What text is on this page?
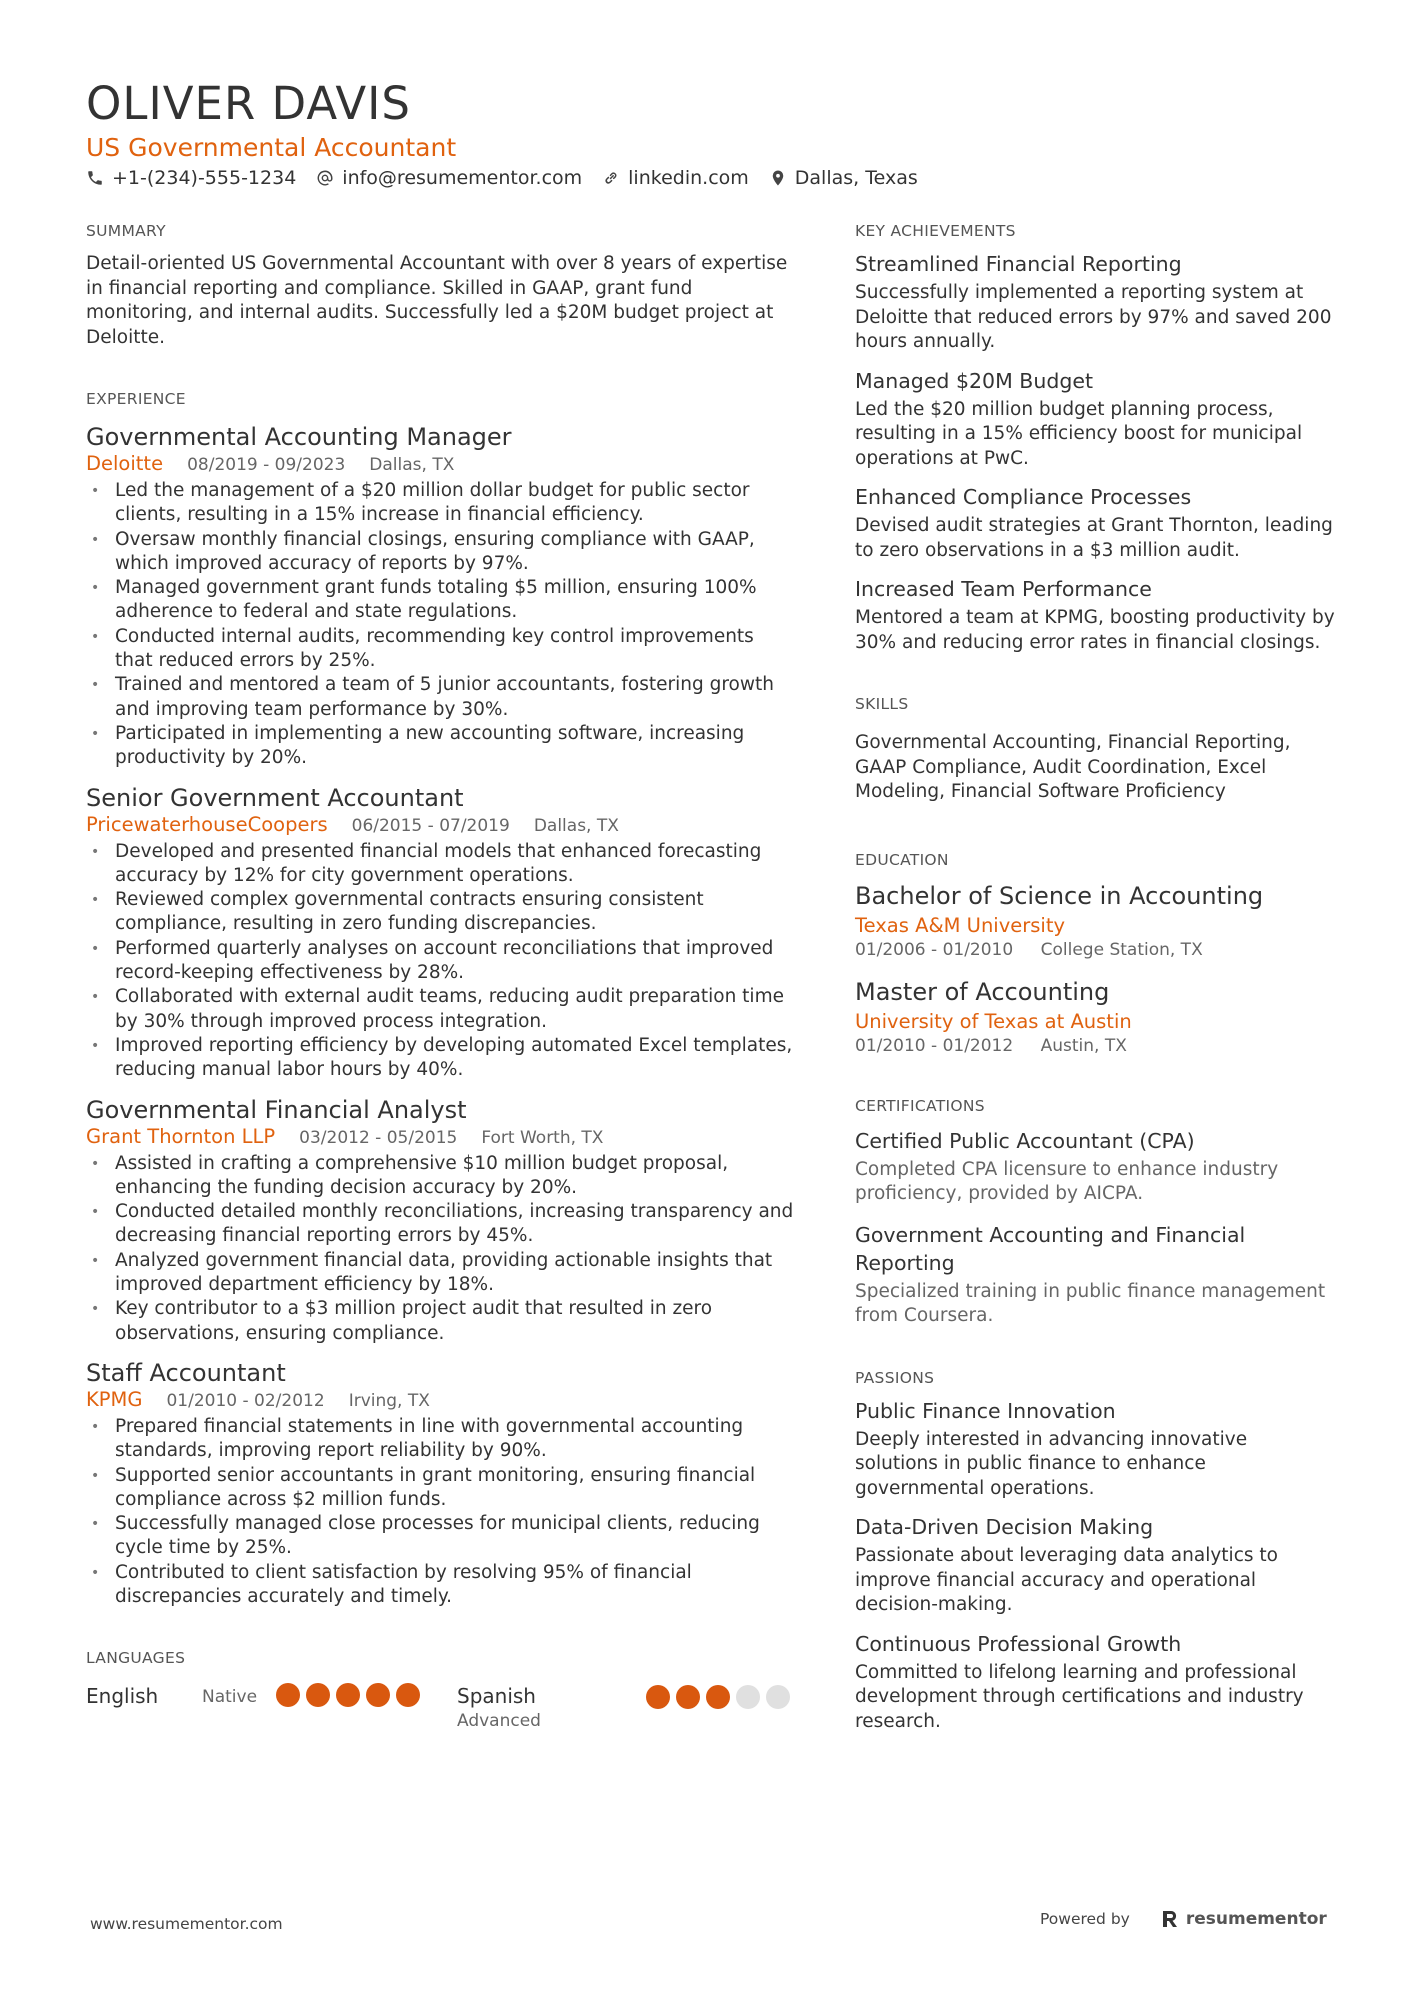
OLIVER DAVIS
US Governmental Accountant
+1-(234)-555-1234 info@resumementor.com linkedin.com Dallas, Texas
SUMMARY
Detail-oriented US Governmental Accountant with over 8 years of expertise in financial reporting and compliance. Skilled in GAAP, grant fund monitoring, and internal audits. Successfully led a $20M budget project at Deloitte.
EXPERIENCE
Governmental Accounting Manager
Deloitte 08/2019 - 09/2023 Dallas, TX
• Led the management of a $20 million dollar budget for public sector clients, resulting in a 15% increase in financial efficiency.
• Oversaw monthly financial closings, ensuring compliance with GAAP, which improved accuracy of reports by 97%.
• Managed government grant funds totaling $5 million, ensuring 100% adherence to federal and state regulations.
• Conducted internal audits, recommending key control improvements that reduced errors by 25%.
• Trained and mentored a team of 5 junior accountants, fostering growth and improving team performance by 30%.
• Participated in implementing a new accounting software, increasing productivity by 20%.
Senior Government Accountant
PricewaterhouseCoopers 06/2015 - 07/2019 Dallas, TX
• Developed and presented financial models that enhanced forecasting accuracy by 12% for city government operations.
• Reviewed complex governmental contracts ensuring consistent compliance, resulting in zero funding discrepancies.
• Performed quarterly analyses on account reconciliations that improved record-keeping effectiveness by 28%.
• Collaborated with external audit teams, reducing audit preparation time by 30% through improved process integration.
• Improved reporting efficiency by developing automated Excel templates, reducing manual labor hours by 40%.
Governmental Financial Analyst
Grant Thornton LLP 03/2012 - 05/2015 Fort Worth, TX
• Assisted in crafting a comprehensive $10 million budget proposal, enhancing the funding decision accuracy by 20%.
• Conducted detailed monthly reconciliations, increasing transparency and decreasing financial reporting errors by 45%.
• Analyzed government financial data, providing actionable insights that improved department efficiency by 18%.
• Key contributor to a $3 million project audit that resulted in zero observations, ensuring compliance.
Staff Accountant
KPMG 01/2010 - 02/2012 Irving, TX
• Prepared financial statements in line with governmental accounting standards, improving report reliability by 90%.
• Supported senior accountants in grant monitoring, ensuring financial compliance across $2 million funds.
• Successfully managed close processes for municipal clients, reducing cycle time by 25%.
• Contributed to client satisfaction by resolving 95% of financial discrepancies accurately and timely.
LANGUAGES
English	Native	Spanish
Advanced
KEY ACHIEVEMENTS
Streamlined Financial Reporting
Successfully implemented a reporting system at Deloitte that reduced errors by 97% and saved 200 hours annually.
Managed $20M Budget
Led the $20 million budget planning process, resulting in a 15% efficiency boost for municipal operations at PwC.
Enhanced Compliance Processes
Devised audit strategies at Grant Thornton, leading to zero observations in a $3 million audit.
Increased Team Performance
Mentored a team at KPMG, boosting productivity by 30% and reducing error rates in financial closings.
SKILLS
Governmental Accounting, Financial Reporting, GAAP Compliance, Audit Coordination, Excel Modeling, Financial Software Proficiency
EDUCATION
Bachelor of Science in Accounting
Texas A&M University
01/2006 - 01/2010 College Station, TX
Master of Accounting
University of Texas at Austin
01/2010 - 01/2012 Austin, TX
CERTIFICATIONS
Certified Public Accountant (CPA)
Completed CPA licensure to enhance industry proficiency, provided by AICPA.
Government Accounting and Financial Reporting
Specialized training in public finance management from Coursera.
PASSIONS
Public Finance Innovation
Deeply interested in advancing innovative solutions in public finance to enhance governmental operations.
Data-Driven Decision Making
Passionate about leveraging data analytics to improve financial accuracy and operational decision-making.
Continuous Professional Growth
Committed to lifelong learning and professional development through certifications and industry research.
www.resumementor.com	Powered by	resumementor
